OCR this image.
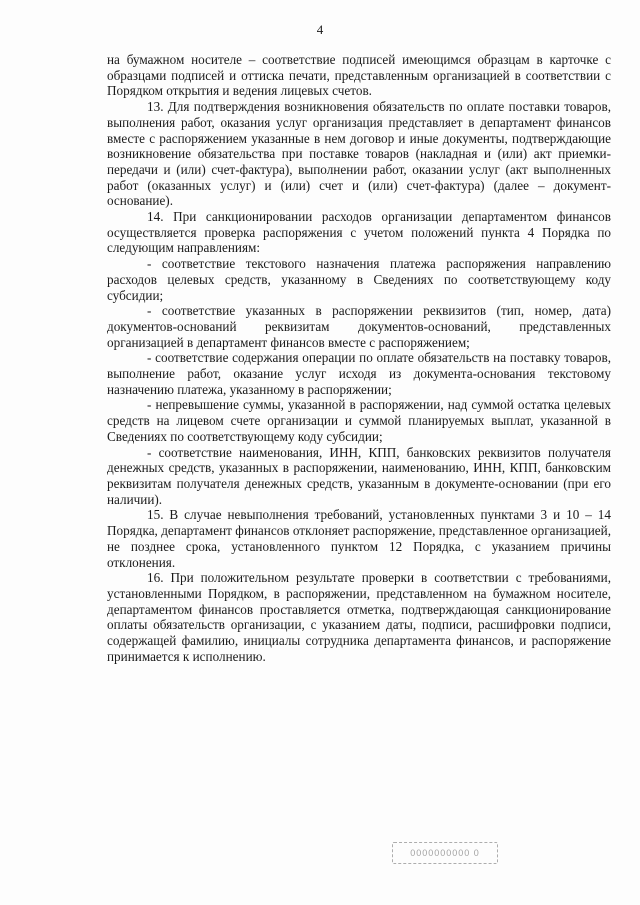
4

на бумажном носителе – соответствие подписей имеющимся образцам в карточке с образцами подписей и оттиска печати, представленным организацией в соответствии с Порядком открытия и ведения лицевых счетов.

13. Для подтверждения возникновения обязательств по оплате поставки товаров, выполнения работ, оказания услуг организация представляет в департамент финансов вместе с распоряжением указанные в нем договор и иные документы, подтверждающие возникновение обязательства при поставке товаров (накладная и (или) акт приемки-передачи и (или) счет-фактура), выполнении работ, оказании услуг (акт выполненных работ (оказанных услуг) и (или) счет и (или) счет-фактура) (далее – документ-основание).

14. При санкционировании расходов организации департаментом финансов осуществляется проверка распоряжения с учетом положений пункта 4 Порядка по следующим направлениям:

- соответствие текстового назначения платежа распоряжения направлению расходов целевых средств, указанному в Сведениях по соответствующему коду субсидии;

- соответствие указанных в распоряжении реквизитов (тип, номер, дата) документов-оснований реквизитам документов-оснований, представленных организацией в департамент финансов вместе с распоряжением;

- соответствие содержания операции по оплате обязательств на поставку товаров, выполнение работ, оказание услуг исходя из документа-основания текстовому назначению платежа, указанному в распоряжении;

- непревышение суммы, указанной в распоряжении, над суммой остатка целевых средств на лицевом счете организации и суммой планируемых выплат, указанной в Сведениях по соответствующему коду субсидии;

- соответствие наименования, ИНН, КПП, банковских реквизитов получателя денежных средств, указанных в распоряжении, наименованию, ИНН, КПП, банковским реквизитам получателя денежных средств, указанным в документе-основании (при его наличии).

15. В случае невыполнения требований, установленных пунктами 3 и 10 – 14 Порядка, департамент финансов отклоняет распоряжение, представленное организацией, не позднее срока, установленного пунктом 12 Порядка, с указанием причины отклонения.

16. При положительном результате проверки в соответствии с требованиями, установленными Порядком, в распоряжении, представленном на бумажном носителе, департаментом финансов проставляется отметка, подтверждающая санкционирование оплаты обязательств организации, с указанием даты, подписи, расшифровки подписи, содержащей фамилию, инициалы сотрудника департамента финансов, и распоряжение принимается к исполнению.

0000000000 0
